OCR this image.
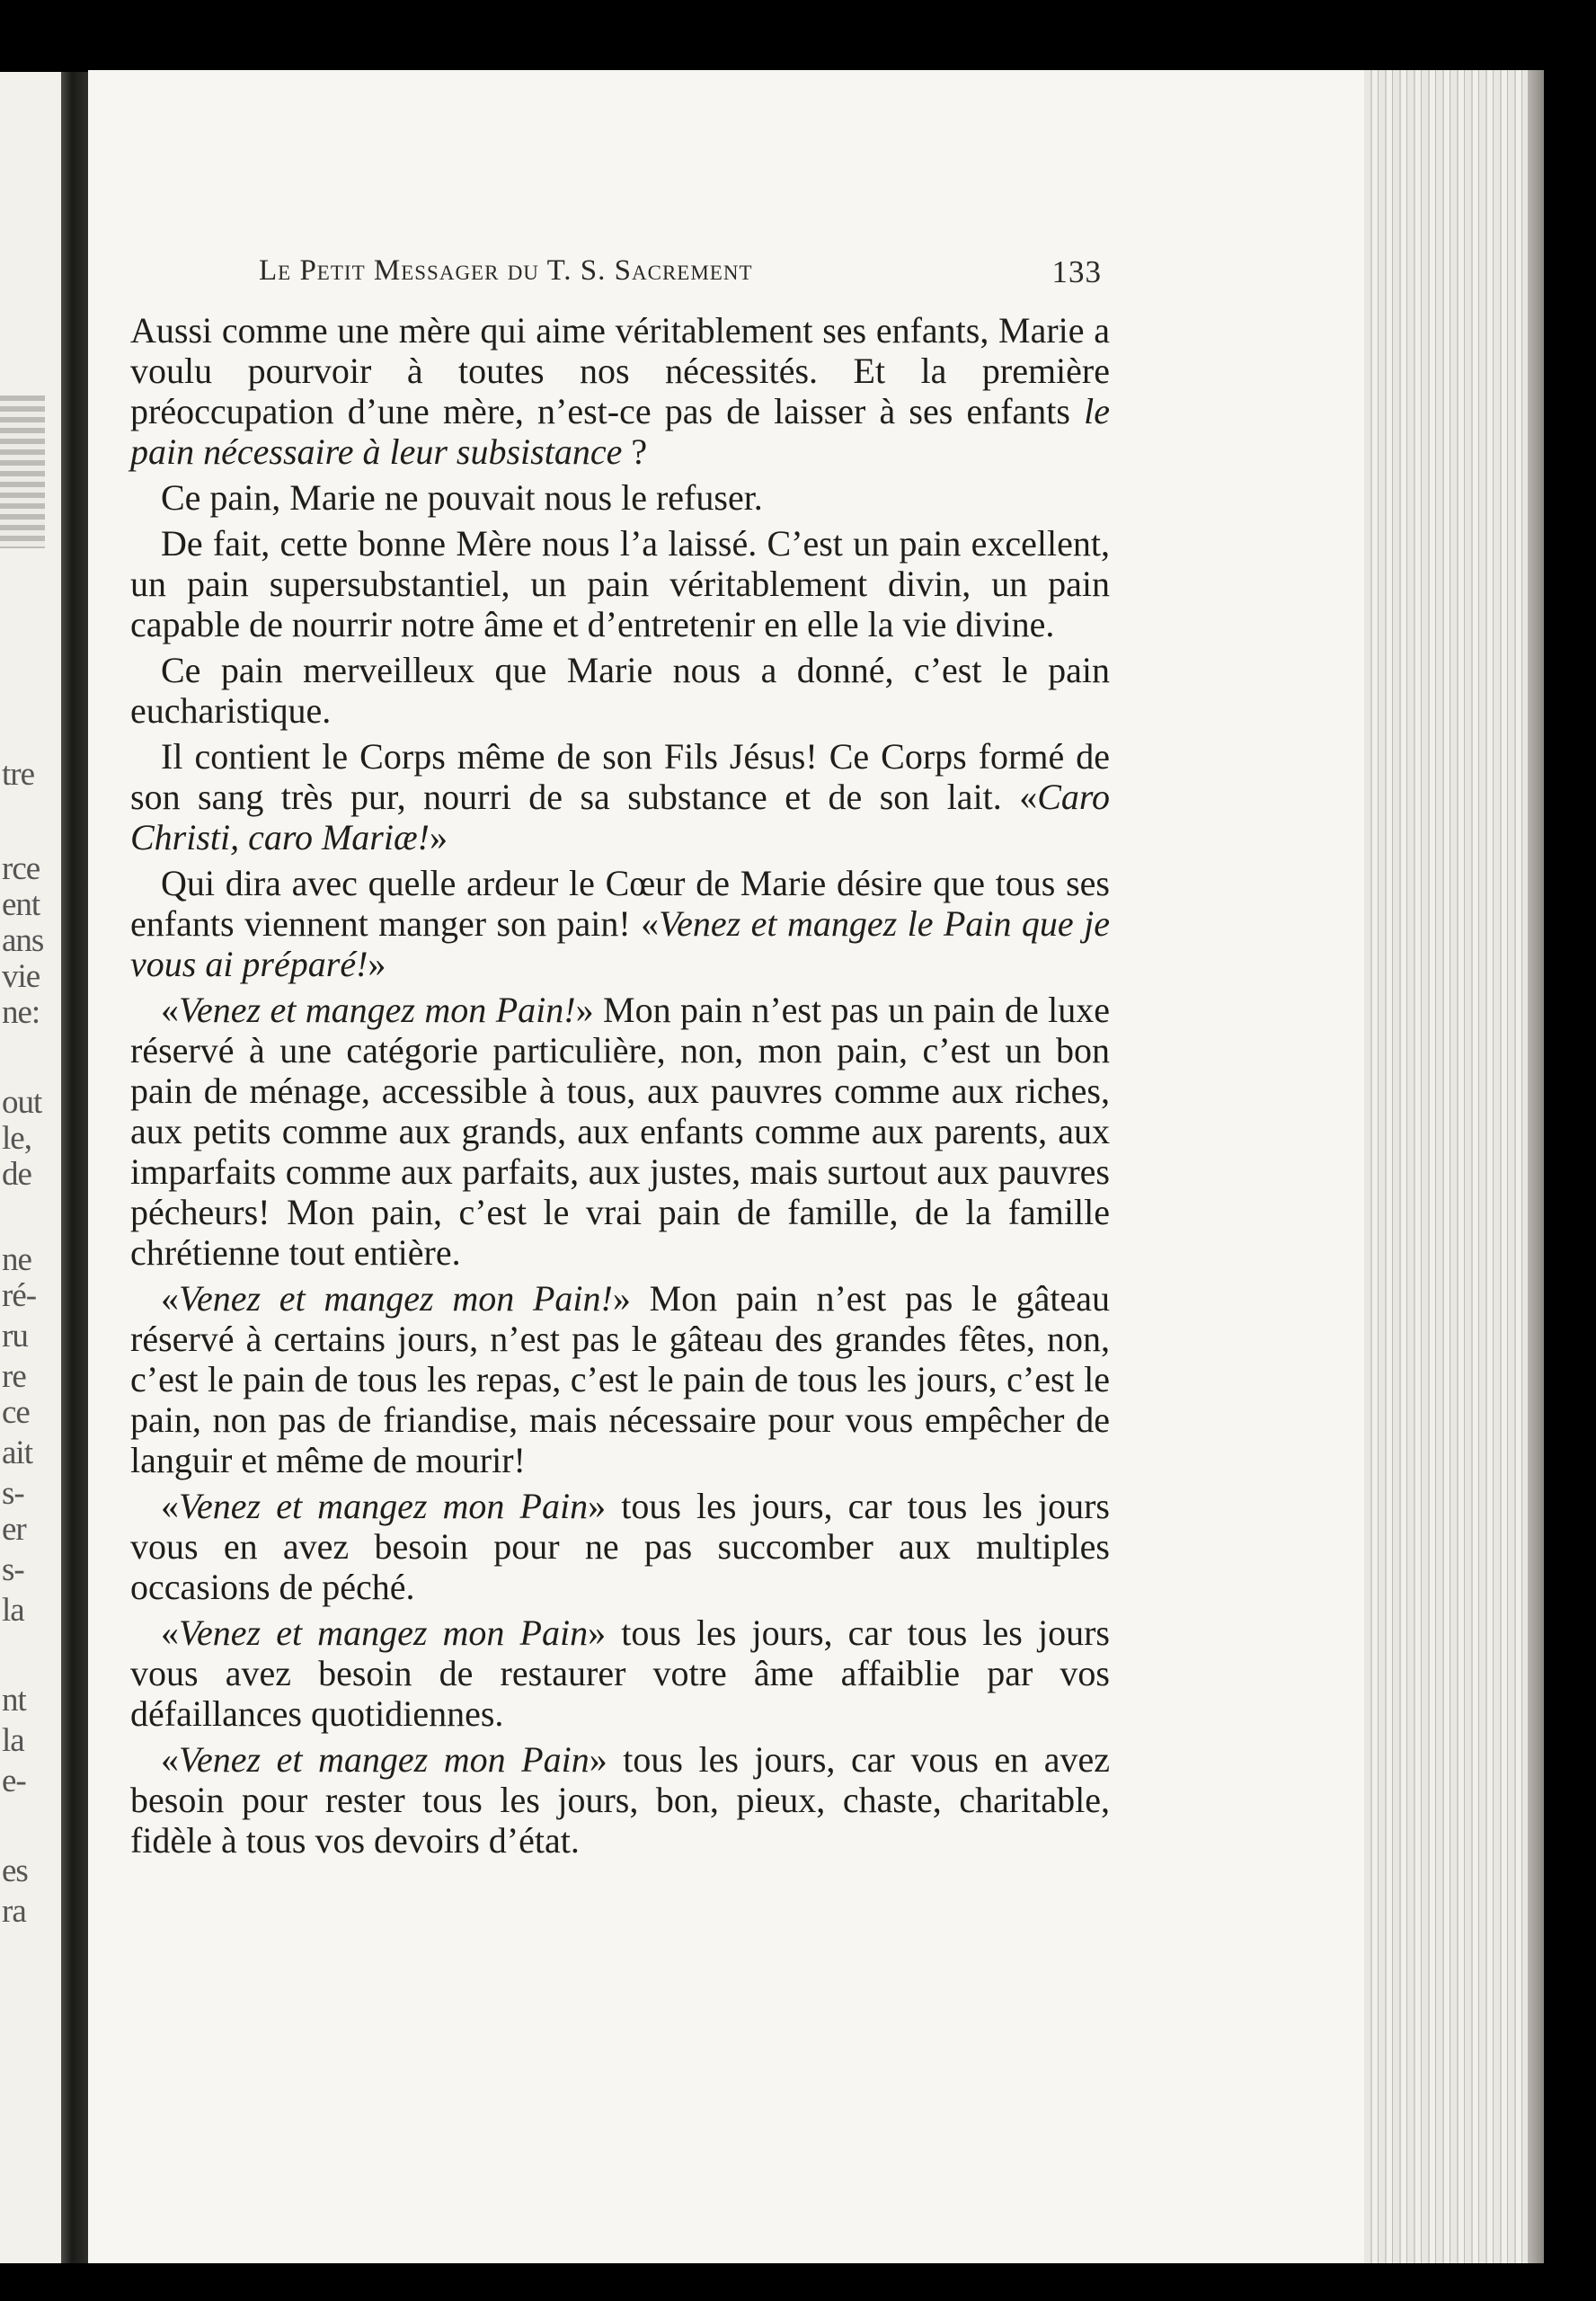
tre
rce
ent
ans
vie
ne:
out
le,
de
ne
ré-
ru
re
ce
ait
s-
er
s-
la
nt
la
e-
es
ra
Le Petit Messager du T. S. Sacrement	133

Aussi comme une mère qui aime véritablement ses enfants, Marie a voulu pourvoir à toutes nos nécessités. Et la première préoccupation d’une mère, n’est-ce pas de laisser à ses enfants le pain nécessaire à leur subsistance ?

Ce pain, Marie ne pouvait nous le refuser.

De fait, cette bonne Mère nous l’a laissé. C’est un pain excellent, un pain supersubstantiel, un pain véritablement divin, un pain capable de nourrir notre âme et d’entretenir en elle la vie divine.

Ce pain merveilleux que Marie nous a donné, c’est le pain eucharistique.

Il contient le Corps même de son Fils Jésus! Ce Corps formé de son sang très pur, nourri de sa substance et de son lait. «Caro Christi, caro Mariæ!»

Qui dira avec quelle ardeur le Cœur de Marie désire que tous ses enfants viennent manger son pain! «Venez et mangez le Pain que je vous ai préparé!»

«Venez et mangez mon Pain!» Mon pain n’est pas un pain de luxe réservé à une catégorie particulière, non, mon pain, c’est un bon pain de ménage, accessible à tous, aux pauvres comme aux riches, aux petits comme aux grands, aux enfants comme aux parents, aux imparfaits comme aux parfaits, aux justes, mais surtout aux pauvres pécheurs! Mon pain, c’est le vrai pain de famille, de la famille chrétienne tout entière.

«Venez et mangez mon Pain!» Mon pain n’est pas le gâteau réservé à certains jours, n’est pas le gâteau des grandes fêtes, non, c’est le pain de tous les repas, c’est le pain de tous les jours, c’est le pain, non pas de friandise, mais nécessaire pour vous empêcher de languir et même de mourir!

«Venez et mangez mon Pain» tous les jours, car tous les jours vous en avez besoin pour ne pas succomber aux multiples occasions de péché.

«Venez et mangez mon Pain» tous les jours, car tous les jours vous avez besoin de restaurer votre âme affaiblie par vos défaillances quotidiennes.

«Venez et mangez mon Pain» tous les jours, car vous en avez besoin pour rester tous les jours, bon, pieux, chaste, charitable, fidèle à tous vos devoirs d’état.
